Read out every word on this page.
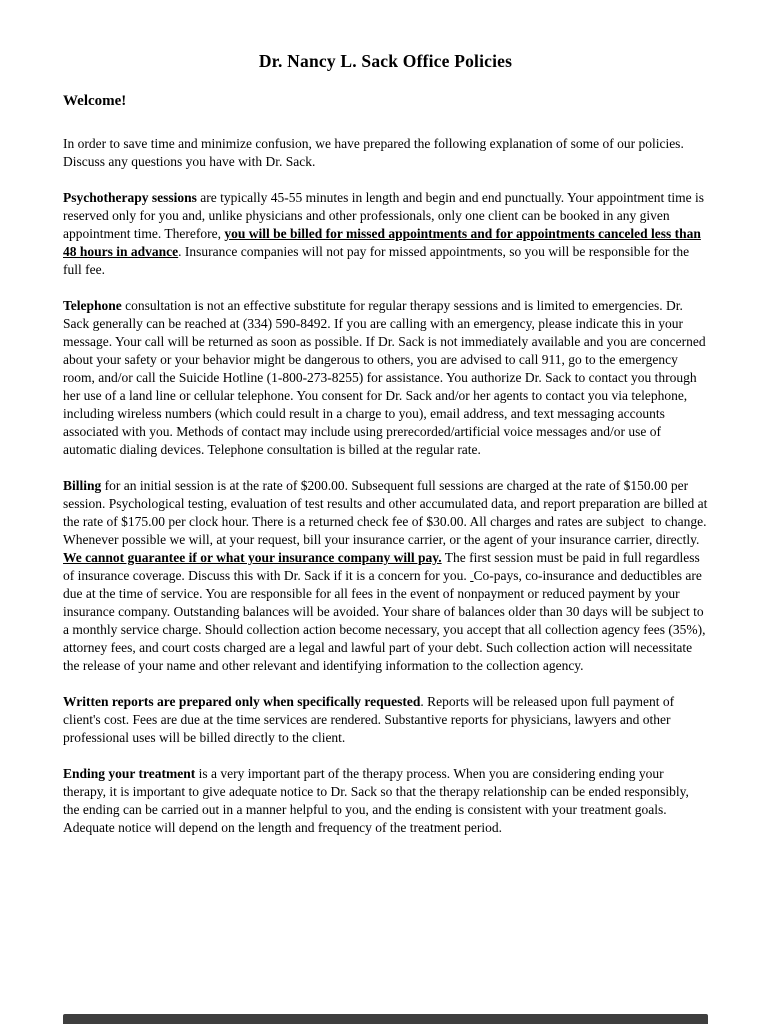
Dr. Nancy L. Sack Office Policies
Welcome!

In order to save time and minimize confusion, we have prepared the following explanation of some of our policies. Discuss any questions you have with Dr. Sack.

Psychotherapy sessions are typically 45-55 minutes in length and begin and end punctually. Your appointment time is reserved only for you and, unlike physicians and other professionals, only one client can be booked in any given appointment time. Therefore, you will be billed for missed appointments and for appointments canceled less than 48 hours in advance. Insurance companies will not pay for missed appointments, so you will be responsible for the full fee.

Telephone consultation is not an effective substitute for regular therapy sessions and is limited to emergencies. Dr. Sack generally can be reached at (334) 590-8492. If you are calling with an emergency, please indicate this in your message. Your call will be returned as soon as possible. If Dr. Sack is not immediately available and you are concerned about your safety or your behavior might be dangerous to others, you are advised to call 911, go to the emergency room, and/or call the Suicide Hotline (1-800-273-8255) for assistance. You authorize Dr. Sack to contact you through her use of a land line or cellular telephone. You consent for Dr. Sack and/or her agents to contact you via telephone, including wireless numbers (which could result in a charge to you), email address, and text messaging accounts associated with you. Methods of contact may include using prerecorded/artificial voice messages and/or use of automatic dialing devices. Telephone consultation is billed at the regular rate.

Billing for an initial session is at the rate of $200.00. Subsequent full sessions are charged at the rate of $150.00 per session. Psychological testing, evaluation of test results and other accumulated data, and report preparation are billed at the rate of $175.00 per clock hour. There is a returned check fee of $30.00. All charges and rates are subject  to change. Whenever possible we will, at your request, bill your insurance carrier, or the agent of your insurance carrier, directly. We cannot guarantee if or what your insurance company will pay. The first session must be paid in full regardless of insurance coverage. Discuss this with Dr. Sack if it is a concern for you.  Co-pays, co-insurance and deductibles are due at the time of service. You are responsible for all fees in the event of nonpayment or reduced payment by your insurance company. Outstanding balances will be avoided. Your share of balances older than 30 days will be subject to a monthly service charge. Should collection action become necessary, you accept that all collection agency fees (35%), attorney fees, and court costs charged are a legal and lawful part of your debt. Such collection action will necessitate the release of your name and other relevant and identifying information to the collection agency.

Written reports are prepared only when specifically requested. Reports will be released upon full payment of client's cost. Fees are due at the time services are rendered. Substantive reports for physicians, lawyers and other professional uses will be billed directly to the client.

Ending your treatment is a very important part of the therapy process. When you are considering ending your therapy, it is important to give adequate notice to Dr. Sack so that the therapy relationship can be ended responsibly, the ending can be carried out in a manner helpful to you, and the ending is consistent with your treatment goals. Adequate notice will depend on the length and frequency of the treatment period.
